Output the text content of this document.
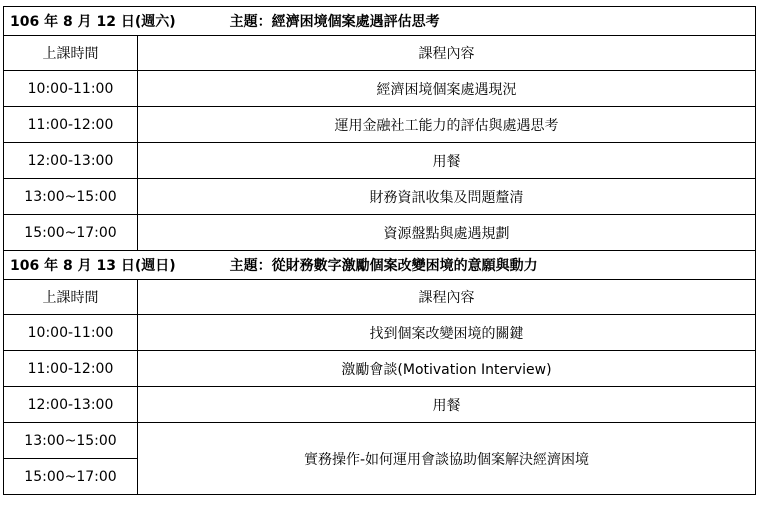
106 年 8 月 12 日(週六) 主題：經濟困境個案處遇評估思考	
上課時間	課程內容
10:00-11:00	經濟困境個案處遇現況
11:00-12:00	運用金融社工能力的評估與處遇思考
12:00-13:00	用餐
13:00~15:00	財務資訊收集及問題釐清
15:00~17:00	資源盤點與處遇規劃
106 年 8 月 13 日(週日) 主題：從財務數字激勵個案改變困境的意願與動力	
上課時間	課程內容
10:00-11:00	找到個案改變困境的關鍵
11:00-12:00	激勵會談(Motivation Interview)
12:00-13:00	用餐
13:00~15:00	實務操作-如何運用會談協助個案解決經濟困境
15:00~17:00	
